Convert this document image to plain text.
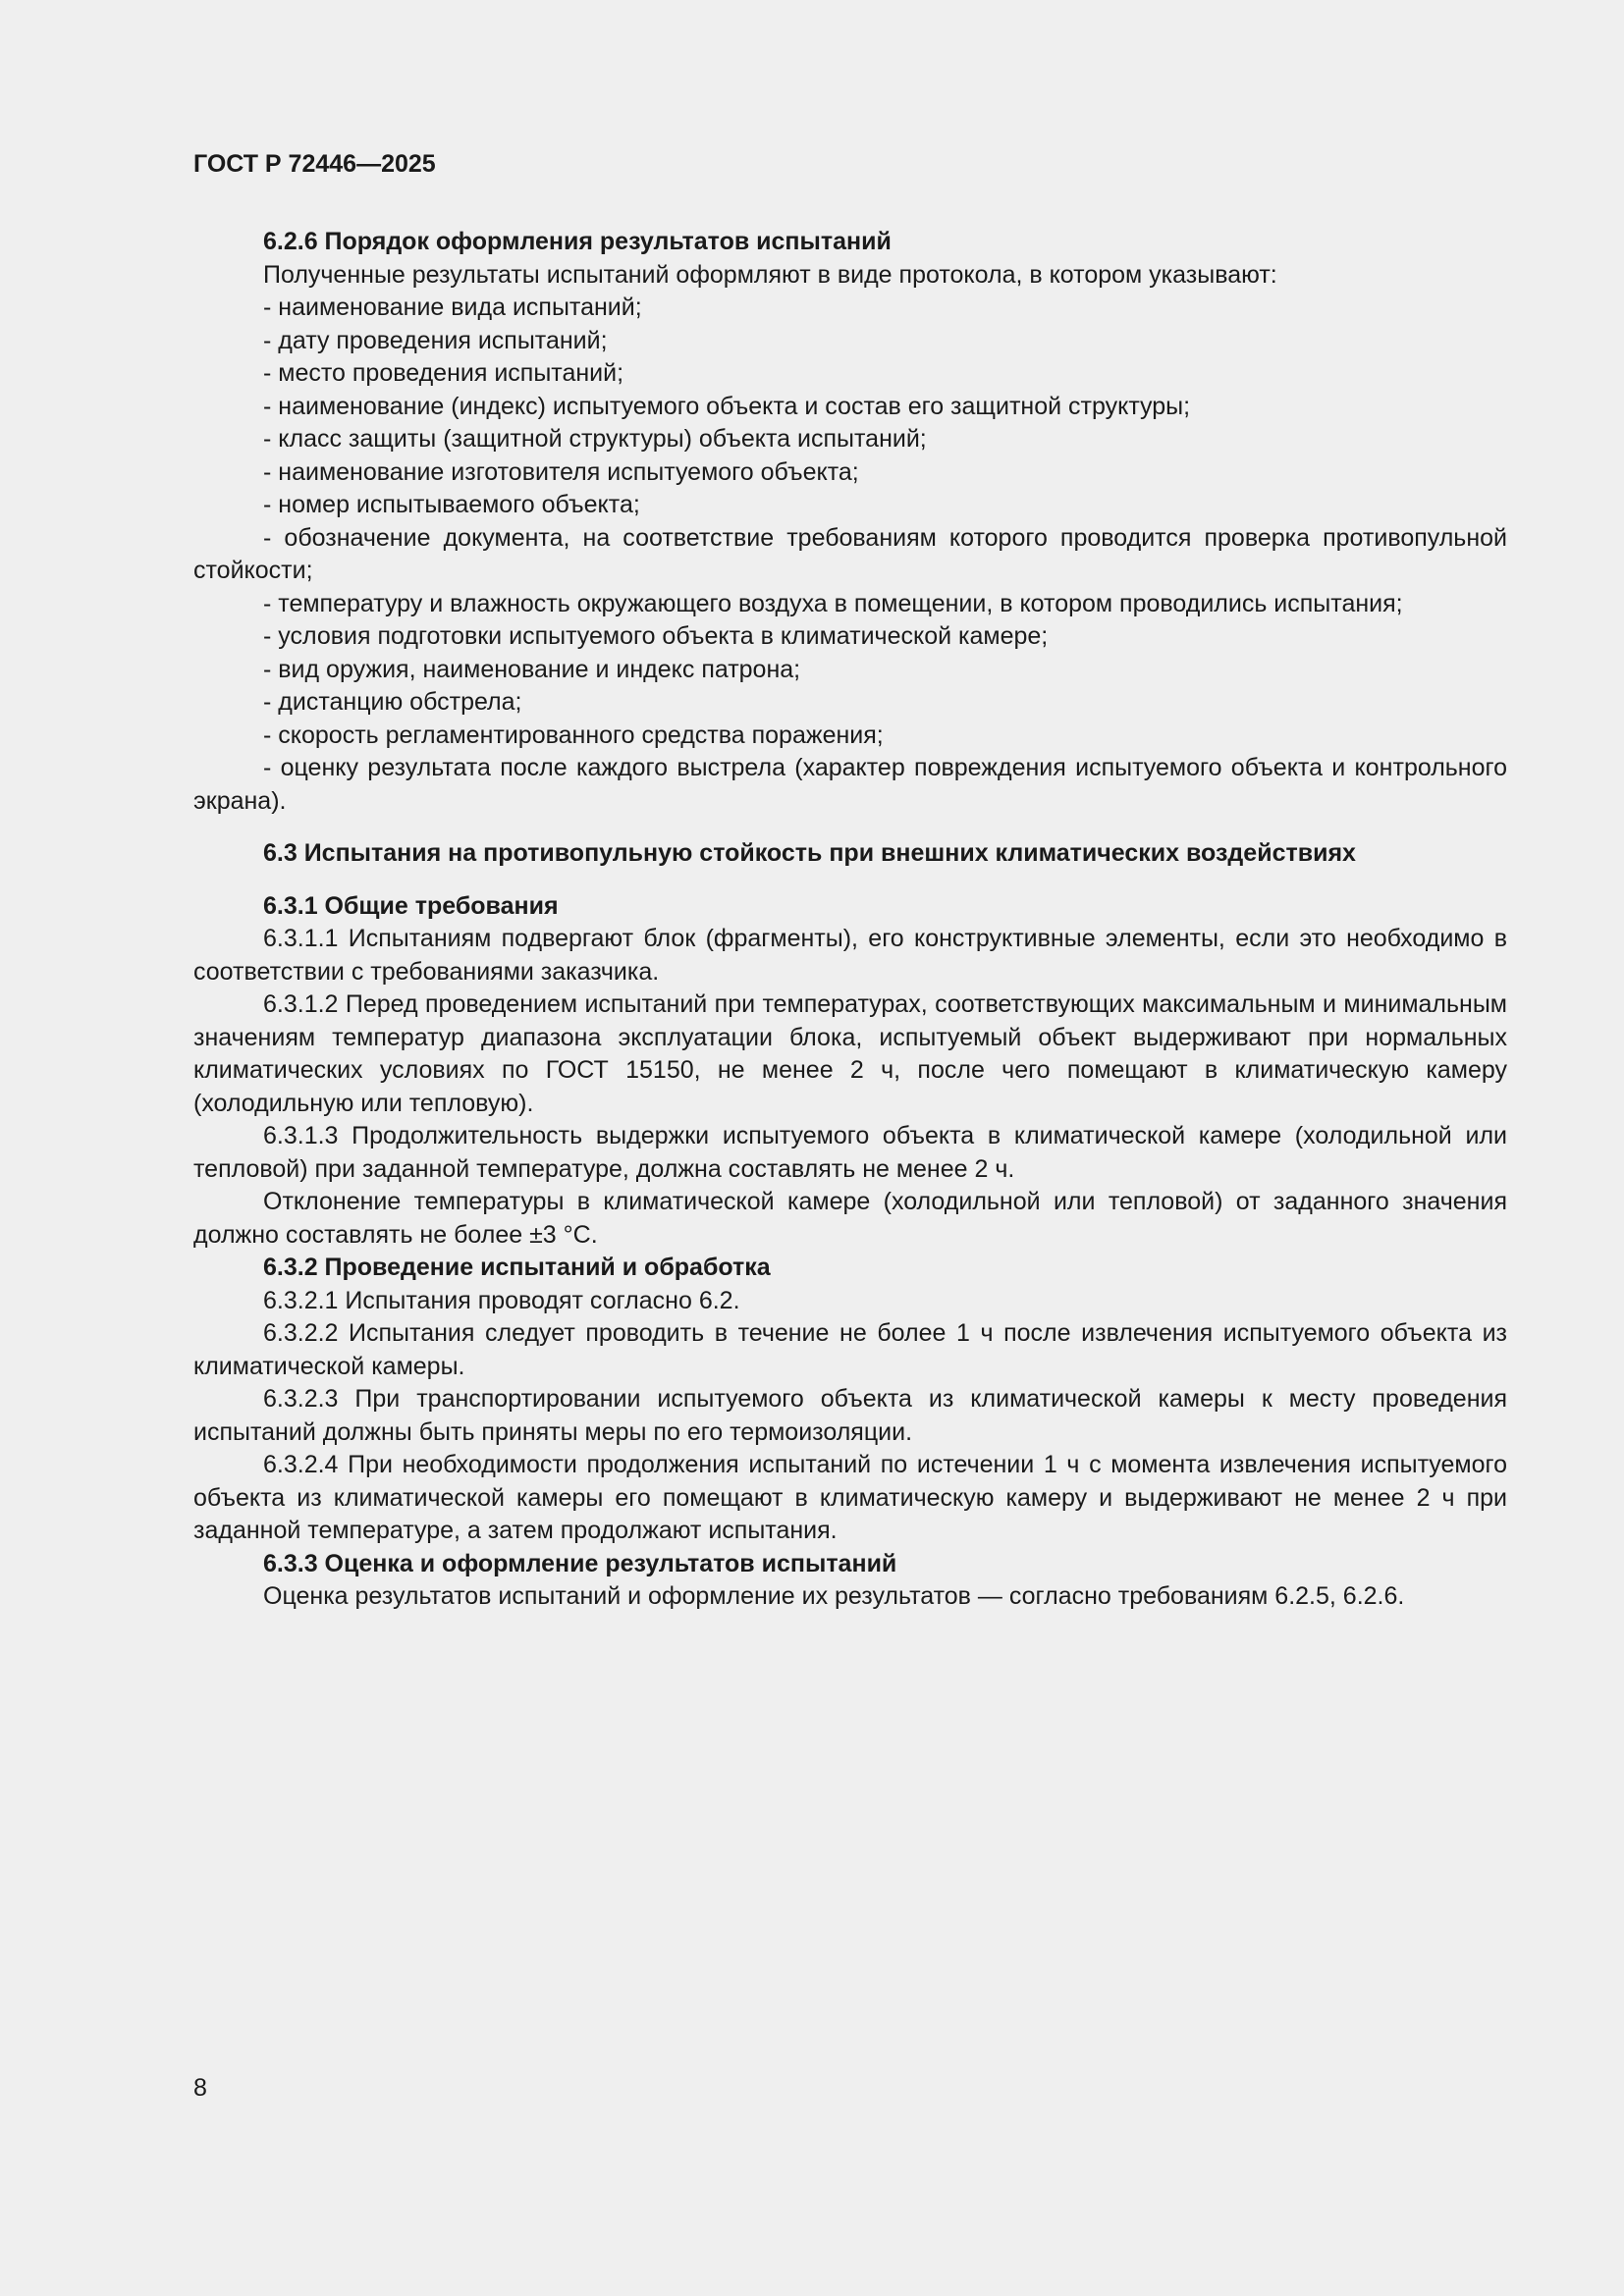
ГОСТ Р 72446—2025

6.2.6 Порядок оформления результатов испытаний

Полученные результаты испытаний оформляют в виде протокола, в котором указывают:

- наименование вида испытаний;
- дату проведения испытаний;
- место проведения испытаний;
- наименование (индекс) испытуемого объекта и состав его защитной структуры;
- класс защиты (защитной структуры) объекта испытаний;
- наименование изготовителя испытуемого объекта;
- номер испытываемого объекта;
- обозначение документа, на соответствие требованиям которого проводится проверка противопульной стойкости;
- температуру и влажность окружающего воздуха в помещении, в котором проводились испытания;
- условия подготовки испытуемого объекта в климатической камере;
- вид оружия, наименование и индекс патрона;
- дистанцию обстрела;
- скорость регламентированного средства поражения;
- оценку результата после каждого выстрела (характер повреждения испытуемого объекта и контрольного экрана).

6.3 Испытания на противопульную стойкость при внешних климатических воздействиях

6.3.1 Общие требования

6.3.1.1 Испытаниям подвергают блок (фрагменты), его конструктивные элементы, если это необходимо в соответствии с требованиями заказчика.

6.3.1.2 Перед проведением испытаний при температурах, соответствующих максимальным и минимальным значениям температур диапазона эксплуатации блока, испытуемый объект выдерживают при нормальных климатических условиях по ГОСТ 15150, не менее 2 ч, после чего помещают в климатическую камеру (холодильную или тепловую).

6.3.1.3 Продолжительность выдержки испытуемого объекта в климатической камере (холодильной или тепловой) при заданной температуре, должна составлять не менее 2 ч.

Отклонение температуры в климатической камере (холодильной или тепловой) от заданного значения должно составлять не более ±3 °С.

6.3.2 Проведение испытаний и обработка

6.3.2.1 Испытания проводят согласно 6.2.

6.3.2.2 Испытания следует проводить в течение не более 1 ч после извлечения испытуемого объекта из климатической камеры.

6.3.2.3 При транспортировании испытуемого объекта из климатической камеры к месту проведения испытаний должны быть приняты меры по его термоизоляции.

6.3.2.4 При необходимости продолжения испытаний по истечении 1 ч с момента извлечения испытуемого объекта из климатической камеры его помещают в климатическую камеру и выдерживают не менее 2 ч при заданной температуре, а затем продолжают испытания.

6.3.3 Оценка и оформление результатов испытаний

Оценка результатов испытаний и оформление их результатов — согласно требованиям 6.2.5, 6.2.6.

8
